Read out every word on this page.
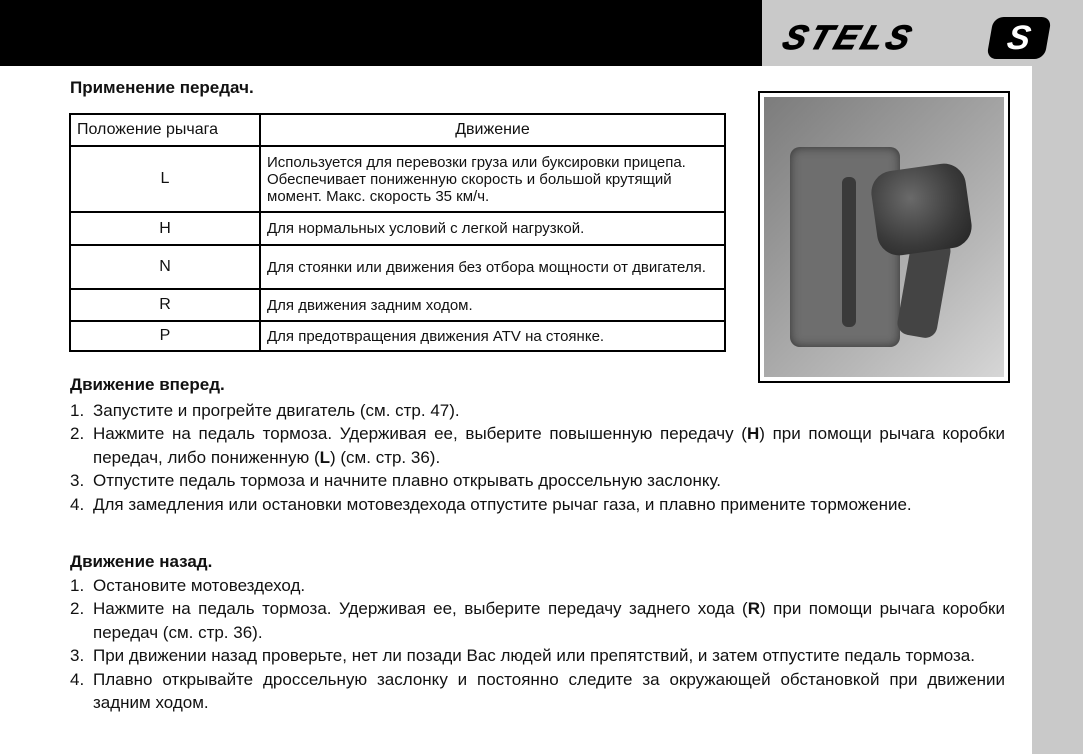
STELS S
Применение передач.
Положение рычага	Движение
L	Используется для перевозки груза или буксировки прицепа. Обеспечивает пониженную скорость и большой крутящий момент. Макс. скорость 35 км/ч.
H	Для нормальных условий с легкой нагрузкой.
N	Для стоянки или движения без отбора мощности от двигателя.
R	Для движения задним ходом.
P	Для предотвращения движения ATV на стоянке.
Движение вперед.
1. Запустите и прогрейте двигатель (см. стр. 47).
2. Нажмите на педаль тормоза. Удерживая ее, выберите повышенную передачу (H) при помощи рычага коробки передач, либо пониженную (L) (см. стр. 36).
3. Отпустите педаль тормоза и начните плавно открывать дроссельную заслонку.
4. Для замедления или остановки мотовездехода отпустите рычаг газа, и плавно примените торможение.
Движение назад.
1. Остановите мотовездеход.
2. Нажмите на педаль тормоза. Удерживая ее, выберите передачу заднего хода (R) при помощи рычага коробки передач (см. стр. 36).
3. При движении назад проверьте, нет ли позади Вас людей или препятствий, и затем отпустите педаль тормоза.
4. Плавно открывайте дроссельную заслонку и постоянно следите за окружающей обстановкой при движении задним ходом.
